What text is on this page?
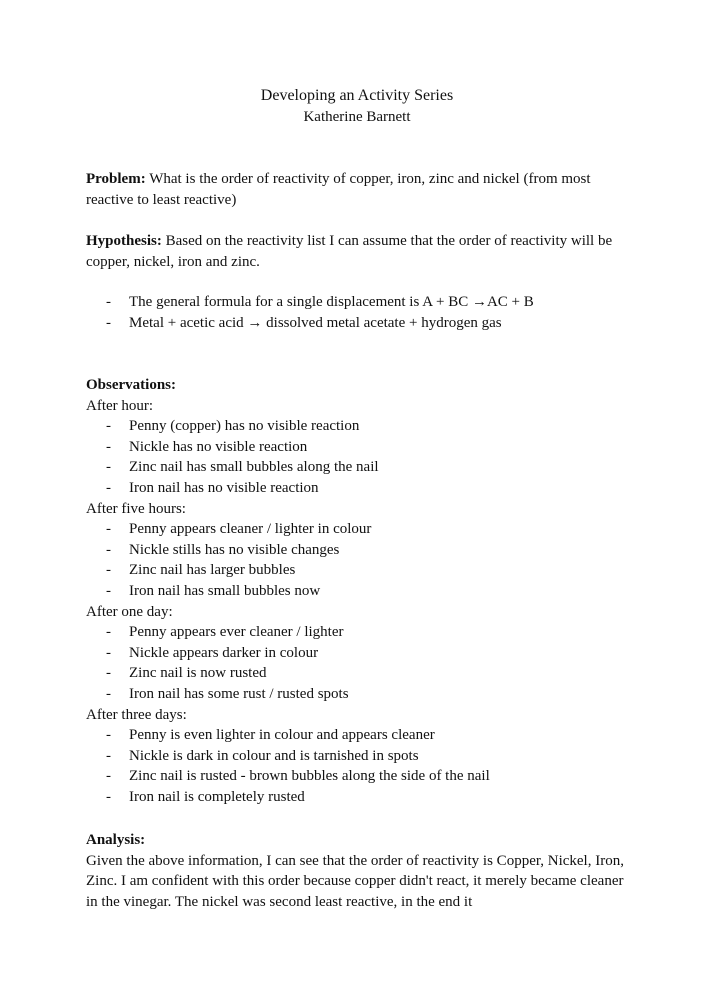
Developing an Activity Series
Katherine Barnett
Problem: What is the order of reactivity of copper, iron, zinc and nickel (from most reactive to least reactive)
Hypothesis: Based on the reactivity list I can assume that the order of reactivity will be copper, nickel, iron and zinc.
- The general formula for a single displacement is A + BC →AC + B
- Metal + acetic acid → dissolved metal acetate + hydrogen gas
Observations:
After hour:
- Penny (copper) has no visible reaction
- Nickle has no visible reaction
- Zinc nail has small bubbles along the nail
- Iron nail has no visible reaction
After five hours:
- Penny appears cleaner / lighter in colour
- Nickle stills has no visible changes
- Zinc nail has larger bubbles
- Iron nail has small bubbles now
After one day:
- Penny appears ever cleaner / lighter
- Nickle appears darker in colour
- Zinc nail is now rusted
- Iron nail has some rust / rusted spots
After three days:
- Penny is even lighter in colour and appears cleaner
- Nickle is dark in colour and is tarnished in spots
- Zinc nail is rusted - brown bubbles along the side of the nail
- Iron nail is completely rusted
Analysis:
Given the above information, I can see that the order of reactivity is Copper, Nickel, Iron, Zinc. I am confident with this order because copper didn't react, it merely became cleaner in the vinegar. The nickel was second least reactive, in the end it
